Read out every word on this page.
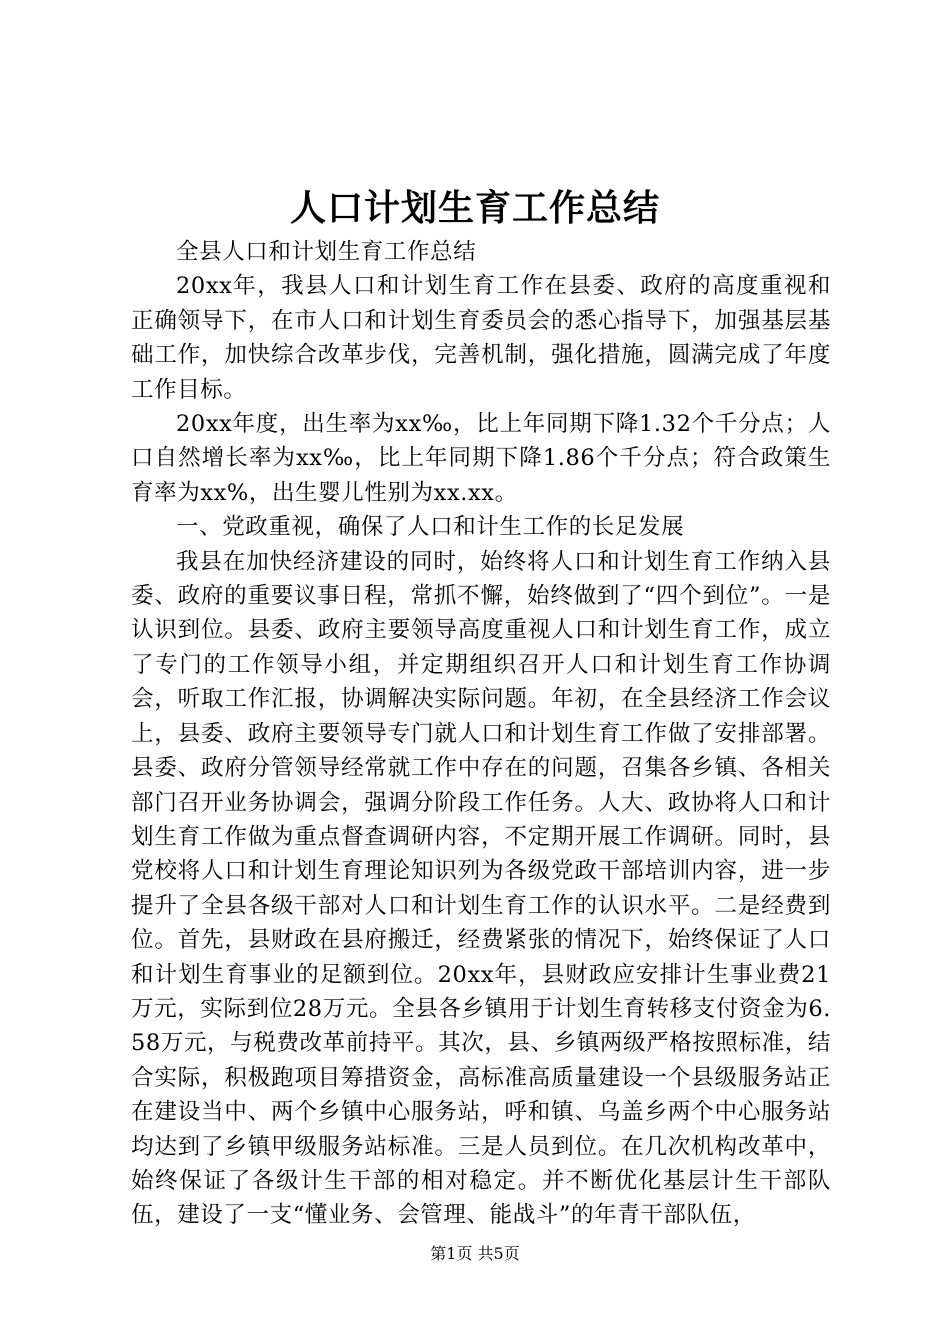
人口计划生育工作总结

全县人口和计划生育工作总结

20xx年，我县人口和计划生育工作在县委、政府的高度重视和正确领导下，在市人口和计划生育委员会的悉心指导下，加强基层基础工作，加快综合改革步伐，完善机制，强化措施，圆满完成了年度工作目标。

20xx年度，出生率为xx‰，比上年同期下降1.32个千分点；人口自然增长率为xx‰，比上年同期下降1.86个千分点；符合政策生育率为xx%，出生婴儿性别为xx.xx。

一、党政重视，确保了人口和计生工作的长足发展

我县在加快经济建设的同时，始终将人口和计划生育工作纳入县委、政府的重要议事日程，常抓不懈，始终做到了“四个到位”。一是认识到位。县委、政府主要领导高度重视人口和计划生育工作，成立了专门的工作领导小组，并定期组织召开人口和计划生育工作协调会，听取工作汇报，协调解决实际问题。年初，在全县经济工作会议上，县委、政府主要领导专门就人口和计划生育工作做了安排部署。县委、政府分管领导经常就工作中存在的问题，召集各乡镇、各相关部门召开业务协调会，强调分阶段工作任务。人大、政协将人口和计划生育工作做为重点督查调研内容，不定期开展工作调研。同时，县党校将人口和计划生育理论知识列为各级党政干部培训内容，进一步提升了全县各级干部对人口和计划生育工作的认识水平。二是经费到位。首先，县财政在县府搬迁，经费紧张的情况下，始终保证了人口和计划生育事业的足额到位。20xx年，县财政应安排计生事业费21万元，实际到位28万元。全县各乡镇用于计划生育转移支付资金为6.58万元，与税费改革前持平。其次，县、乡镇两级严格按照标准，结合实际，积极跑项目筹措资金，高标准高质量建设一个县级服务站正在建设当中、两个乡镇中心服务站，呼和镇、乌盖乡两个中心服务站均达到了乡镇甲级服务站标准。三是人员到位。在几次机构改革中，始终保证了各级计生干部的相对稳定。并不断优化基层计生干部队伍，建设了一支“懂业务、会管理、能战斗”的年青干部队伍，

第1页 共5页
